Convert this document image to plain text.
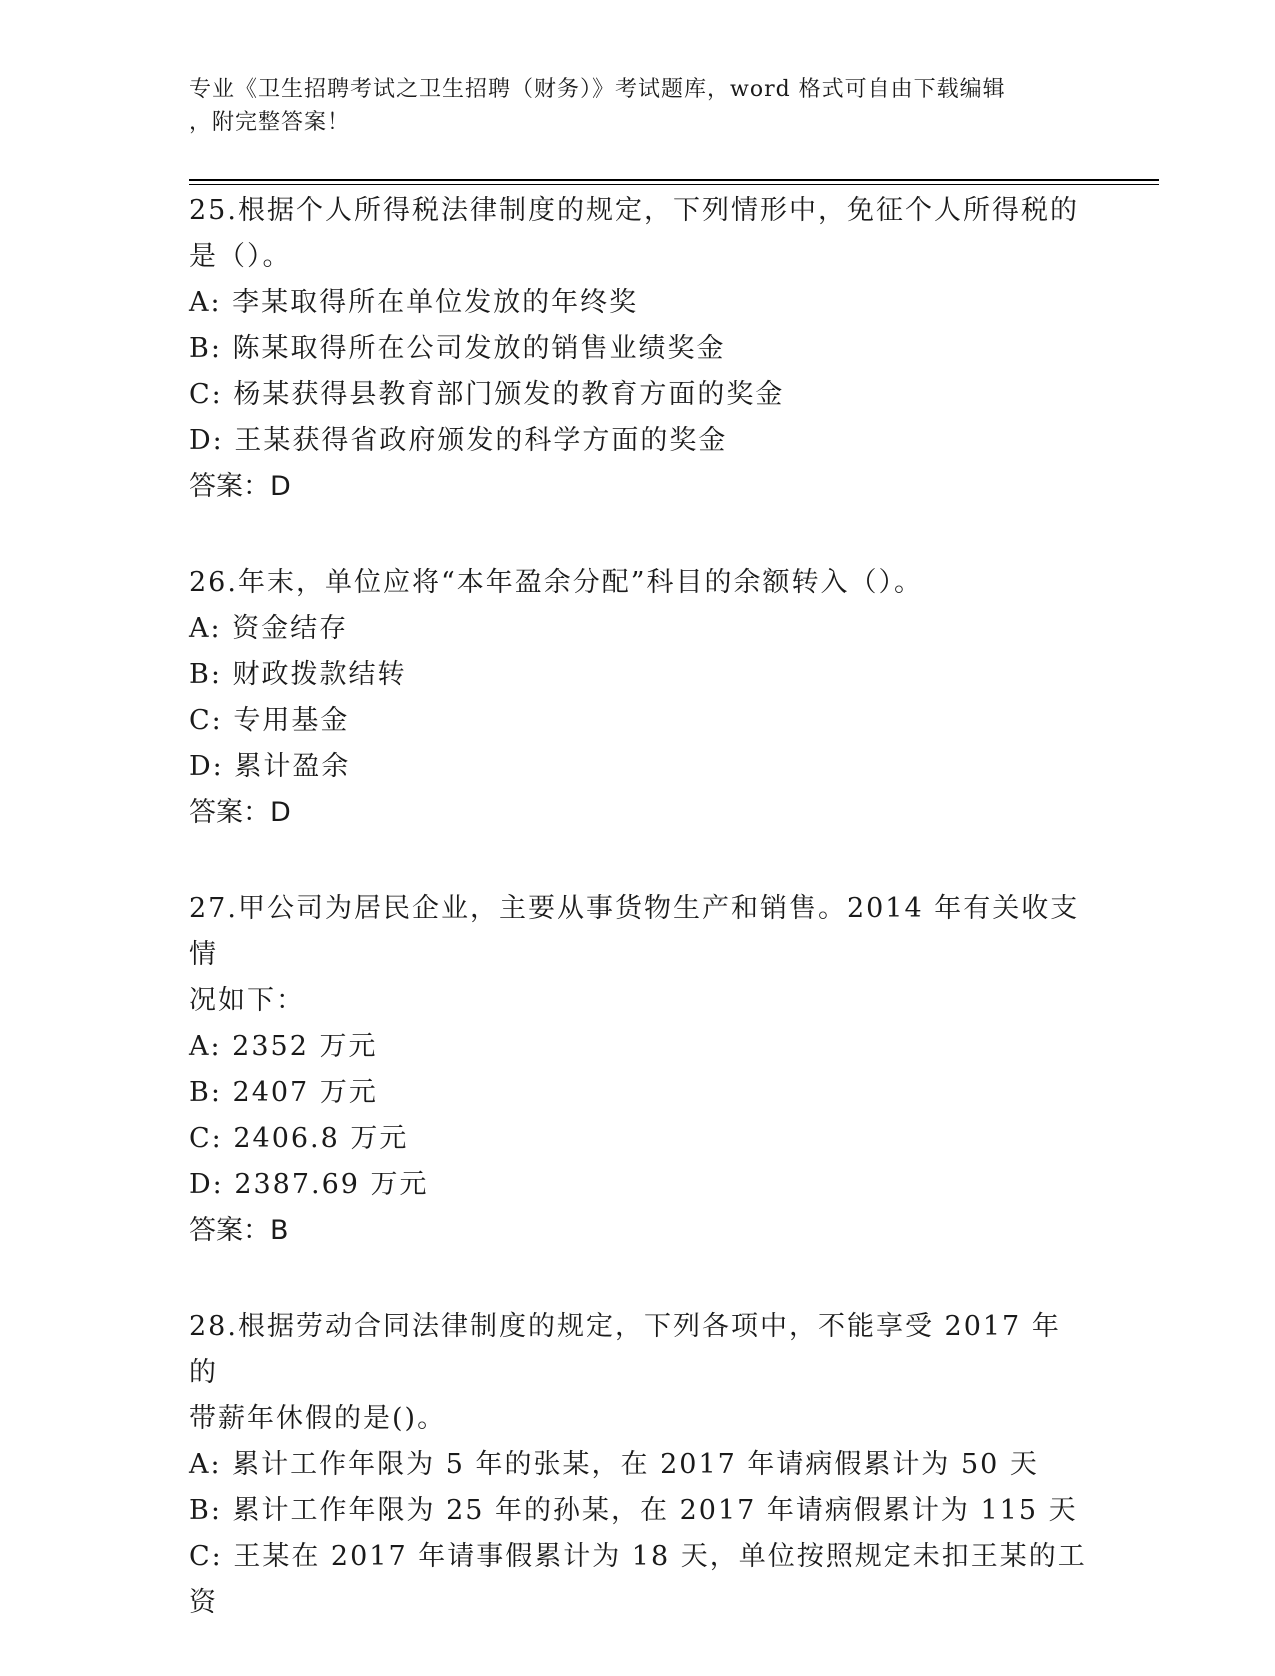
专业《卫生招聘考试之卫生招聘（财务）》考试题库，word 格式可自由下载编辑
，附完整答案！

25.根据个人所得税法律制度的规定，下列情形中，免征个人所得税的

是（）。

A: 李某取得所在单位发放的年终奖

B: 陈某取得所在公司发放的销售业绩奖金

C: 杨某获得县教育部门颁发的教育方面的奖金

D: 王某获得省政府颁发的科学方面的奖金

答案：D

26.年末，单位应将“本年盈余分配”科目的余额转入（）。

A: 资金结存

B: 财政拨款结转

C: 专用基金

D: 累计盈余

答案：D

27.甲公司为居民企业，主要从事货物生产和销售。2014 年有关收支情

况如下：

A: 2352 万元

B: 2407 万元

C: 2406.8 万元

D: 2387.69 万元

答案：B

28.根据劳动合同法律制度的规定，下列各项中，不能享受 2017 年的

带薪年休假的是()。

A: 累计工作年限为 5 年的张某，在 2017 年请病假累计为 50 天

B: 累计工作年限为 25 年的孙某，在 2017 年请病假累计为 115 天

C: 王某在 2017 年请事假累计为 18 天，单位按照规定未扣王某的工资
